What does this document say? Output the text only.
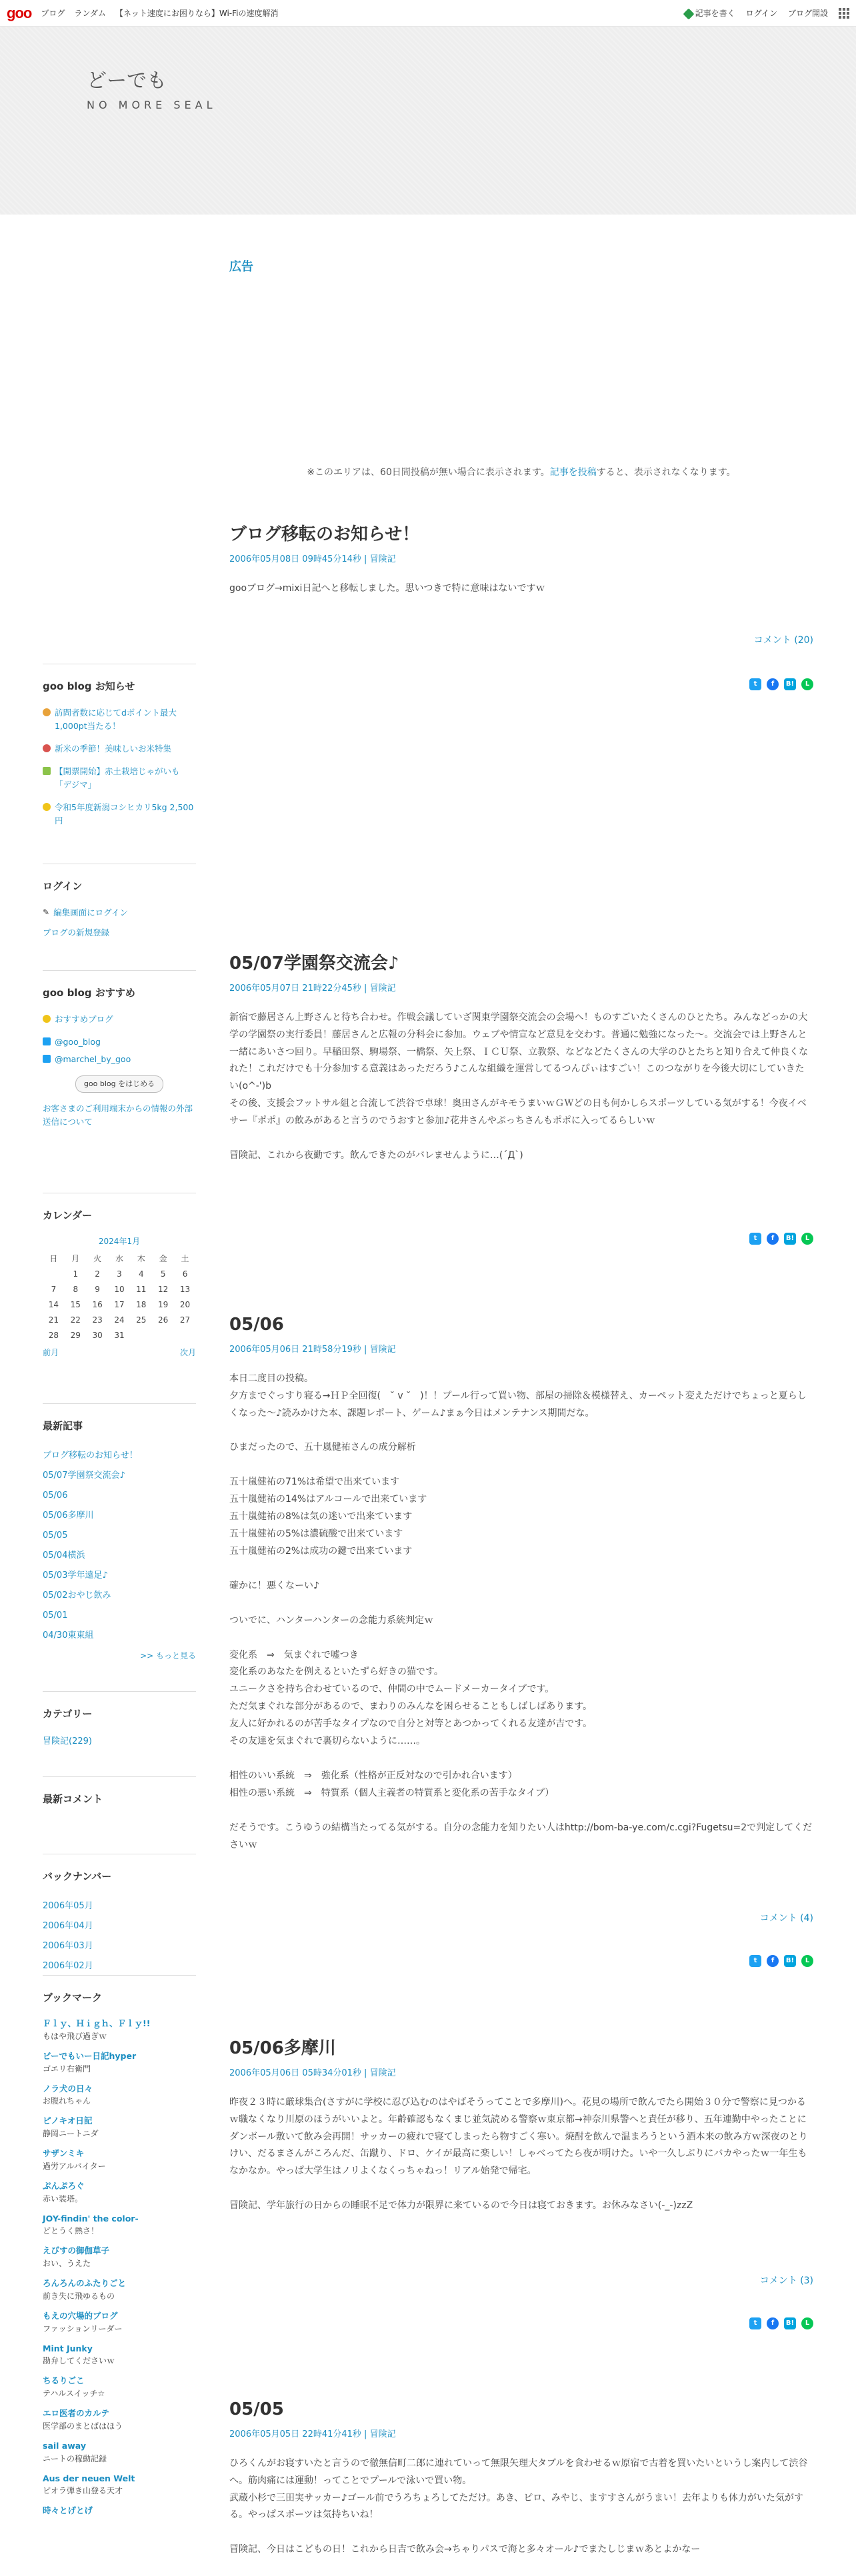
goo ブログ ランダム 【ネット速度にお困りなら】Wi-Fiの速度解消	記事を書く ログイン ブログ開設
どーでも
NO MORE SEAL
広告
※このエリアは、60日間投稿が無い場合に表示されます。記事を投稿すると、表示されなくなります。
ブログ移転のお知らせ！
2006年05月08日 09時45分14秒 | 冒険記

gooブログ→mixi日記へと移転しました。思いつきで特に意味はないですｗ

コメント (20)
t	f	B!	L
05/07学園祭交流会♪
2006年05月07日 21時22分45秒 | 冒険記

新宿で藤居さん上野さんと待ち合わせ。作戦会議していざ関東学園祭交流会の会場へ！ものすごいたくさんのひとたち。みんなどっかの大学の学園祭の実行委員！藤居さんと広報の分科会に参加。ウェブや情宣など意見を交わす。普通に勉強になった～。交流会では上野さんと一緒にあいさつ回り。早稲田祭、駒場祭、一橋祭、矢上祭、ＩＣＵ祭、立教祭、などなどたくさんの大学のひとたちと知り合えて仲良くなれた！これだけでも十分参加する意義はあっただろう♪こんな組織を運営してるつんぴぃはすごい！このつながりを今後大切にしていきたい(o^-')b
その後、支援会フットサル組と合流して渋谷で卓球！奥田さんがキモうまいｗＧＷどの日も何かしらスポーツしている気がする！今夜イベサー『ポポ』の飲みがあると言うのでうおすと参加♪花井さんやぷっちさんもポポに入ってるらしいｗ

冒険記、これから夜勤です。飲んできたのがバレませんように…(´Д`)

t	f	B!	L
05/06
2006年05月06日 21時58分19秒 | 冒険記

本日二度目の投稿。
夕方までぐっすり寝る→ＨＰ全回復(　˘ v ˘　)！！プール行って買い物、部屋の掃除＆模様替え、カーペット変えただけでちょっと夏らしくなった～♪読みかけた本、課題レポート、ゲーム♪まぁ今日はメンテナンス期間だな。

ひまだったので、五十嵐健祐さんの成分解析

五十嵐健祐の71%は希望で出来ています
五十嵐健祐の14%はアルコールで出来ています
五十嵐健祐の8%は気の迷いで出来ています
五十嵐健祐の5%は濃硫酸で出来ています
五十嵐健祐の2%は成功の鍵で出来ています

確かに！悪くなーい♪

ついでに、ハンターハンターの念能力系統判定ｗ

変化系　⇒　気まぐれで嘘つき
変化系のあなたを例えるといたずら好きの猫です。
ユニークさを持ち合わせているので、仲間の中でムードメーカータイプです。
ただ気まぐれな部分があるので、まわりのみんなを困らせることもしばしばあります。
友人に好かれるのが苦手なタイプなので自分と対等とあつかってくれる友達が吉です。
その友達を気まぐれで裏切らないように……。

相性のいい系統　⇒　強化系（性格が正反対なので引かれ合います）
相性の悪い系統　⇒　特質系（個人主義者の特質系と変化系の苦手なタイプ）

だそうです。こうゆうの結構当たってる気がする。自分の念能力を知りたい人はhttp://bom-ba-ye.com/c.cgi?Fugetsu=2で判定してくださいｗ

コメント (4)
t	f	B!	L
05/06多摩川
2006年05月06日 05時34分01秒 | 冒険記

昨夜２３時に厳球集合(さすがに学校に忍び込むのはやばそうってことで多摩川)へ。花見の場所で飲んでたら開始３０分で警察に見つかるｗ職なくなり川原のほうがいいよと。年齢確認もなくまじ並気読める警察ｗ東京都→神奈川県警へと責任が移り、五年連勤中やったことにダンボール敷いて飲み会再開！サッカーの疲れで寝てしまったら物すごく寒い。焼酎を飲んで温まろうという酒本来の飲み方ｗ深夜のとりけい、だるまさんがころんだ、缶蹴り、ドロ、ケイが最高に楽しい！しゃべってたら夜が明けた。いや一久しぶりにバカやったｗ一年生もなかなか。やっぱ大学生はノリよくなくっちゃねっ！リアル始発で帰宅。

冒険記、学年旅行の日からの睡眠不足で体力が限界に来ているので今日は寝ておきます。お休みなさい(-_-)zzZ

コメント (3)
t	f	B!	L
05/05
2006年05月05日 22時41分41秒 | 冒険記

ひろくんがお寝すいたと言うので徹無信町二郎に連れていって無限矢理大タブルを食わせるｗ原宿で古着を買いたいというし案内して渋谷へ。筋肉痛には運動！ってことでプールで泳いで買い物。
武蔵小杉で三田実サッカー♪ゴール前でうろちょろしてただけ。あき、ピロ、みやじ、ますすさんがうまい！去年よりも体力がいた気がする。やっぱスポーツは気持ちいね！

冒険記、今日はこどもの日！これから日吉で飲み会→ちゃりパスで海と多々オール♪でまたしじまｗあとよかなー

goo blog お知らせ
訪問者数に応じてdポイント最大1,000pt当たる！
新米の季節！美味しいお米特集
【開票開始】赤土栽培じゃがいも「デジマ」
令和5年度新潟コシヒカリ5kg 2,500円
ログイン
✎ 編集画面にログイン
ブログの新規登録
goo blog おすすめ
おすすめブログ
@goo_blog
@marchel_by_goo
goo blog をはじめる
お客さまのご利用端末からの情報の外部送信について
カレンダー
2024年1月
日	月	火	水	木	金	土
	1	2	3	4	5	6
7	8	9	10	11	12	13
14	15	16	17	18	19	20
21	22	23	24	25	26	27
28	29	30	31			
前月	次月
最新記事
ブログ移転のお知らせ！
05/07学園祭交流会♪
05/06
05/06多摩川
05/05
05/04横浜
05/03学年遠足♪
05/02おやじ飲み
05/01
04/30東東組
>> もっと見る
カテゴリー
冒険記(229)
最新コメント
バックナンバー
2006年05月
2006年04月
2006年03月
2006年02月
ブックマーク
Ｆｌｙ、Ｈｉｇｈ、Ｆｌｙ!!
もはや飛び過ぎｗ
ビーでもいー日記hyper
ゴエリ右衛門
ノラ犬の日々
お腹れちゃん
ピノキオ日記
静岡ニートニダ
サザンミキ
過労アルバイター
ぷんぷろぐ
赤い装塔。
JOY-findin' the color-
どとうく熱さ！
えびすの御伽草子
おい、うえた
ろんろんのふたりごと
前き失に飛ゆるもの
もえの穴場的ブログ
ファッションリーダー
Mint Junky
勘弁してくださいｗ
ちるりごこ
テハルスイッチ☆
エロ医者のカルテ
医学部のまとばはほう
sail away
ニートの稼動記録
Aus der neuen Welt
ピオラ弾き山登る天才
時々とげとげ
